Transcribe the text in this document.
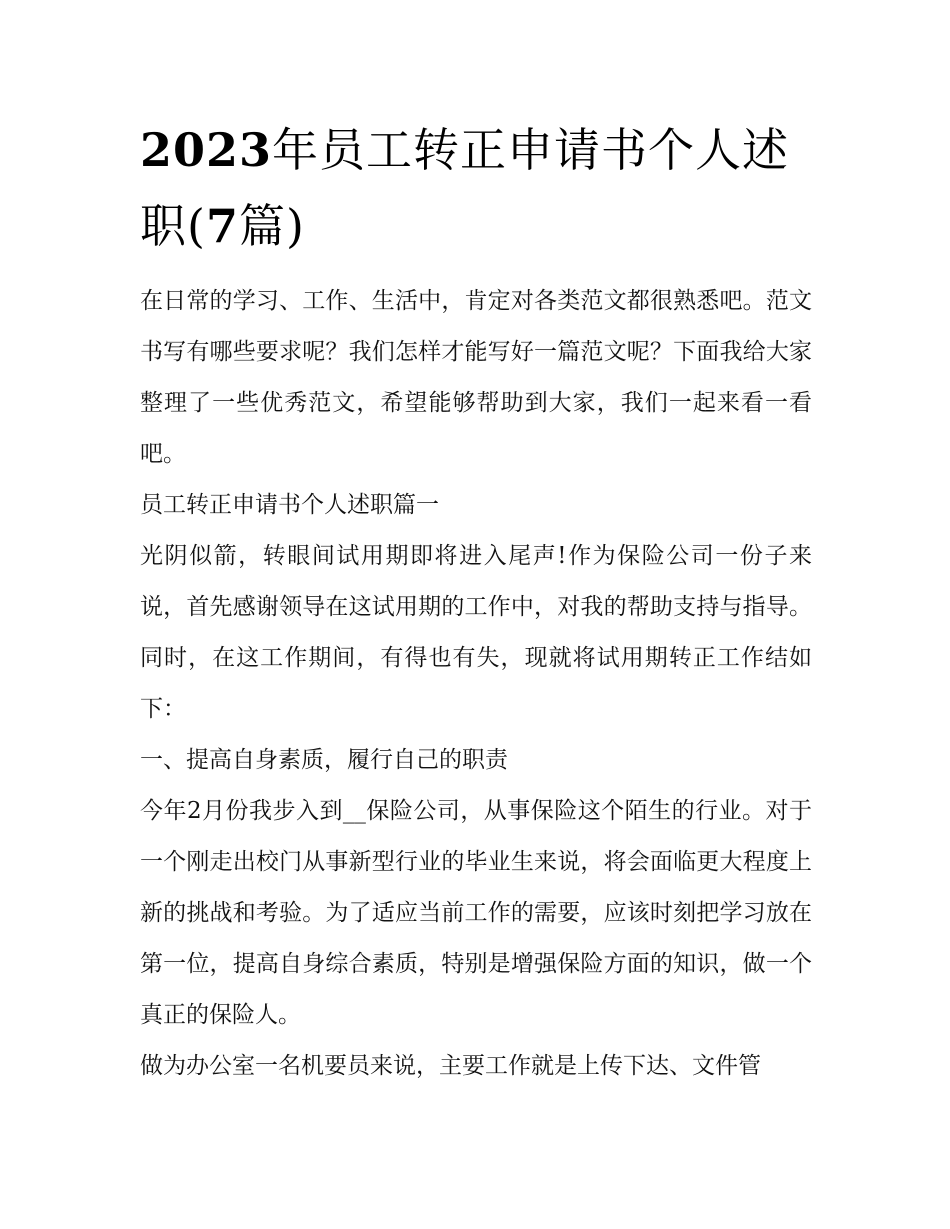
2023年员工转正申请书个人述职(7篇)

在日常的学习、工作、生活中，肯定对各类范文都很熟悉吧。范文书写有哪些要求呢？我们怎样才能写好一篇范文呢？下面我给大家整理了一些优秀范文，希望能够帮助到大家，我们一起来看一看吧。

员工转正申请书个人述职篇一

光阴似箭，转眼间试用期即将进入尾声!作为保险公司一份子来说，首先感谢领导在这试用期的工作中，对我的帮助支持与指导。同时，在这工作期间，有得也有失，现就将试用期转正工作结如下：

一、提高自身素质，履行自己的职责

今年2月份我步入到__保险公司，从事保险这个陌生的行业。对于一个刚走出校门从事新型行业的毕业生来说，将会面临更大程度上新的挑战和考验。为了适应当前工作的需要，应该时刻把学习放在第一位，提高自身综合素质，特别是增强保险方面的知识，做一个真正的保险人。

做为办公室一名机要员来说，主要工作就是上传下达、文件管
